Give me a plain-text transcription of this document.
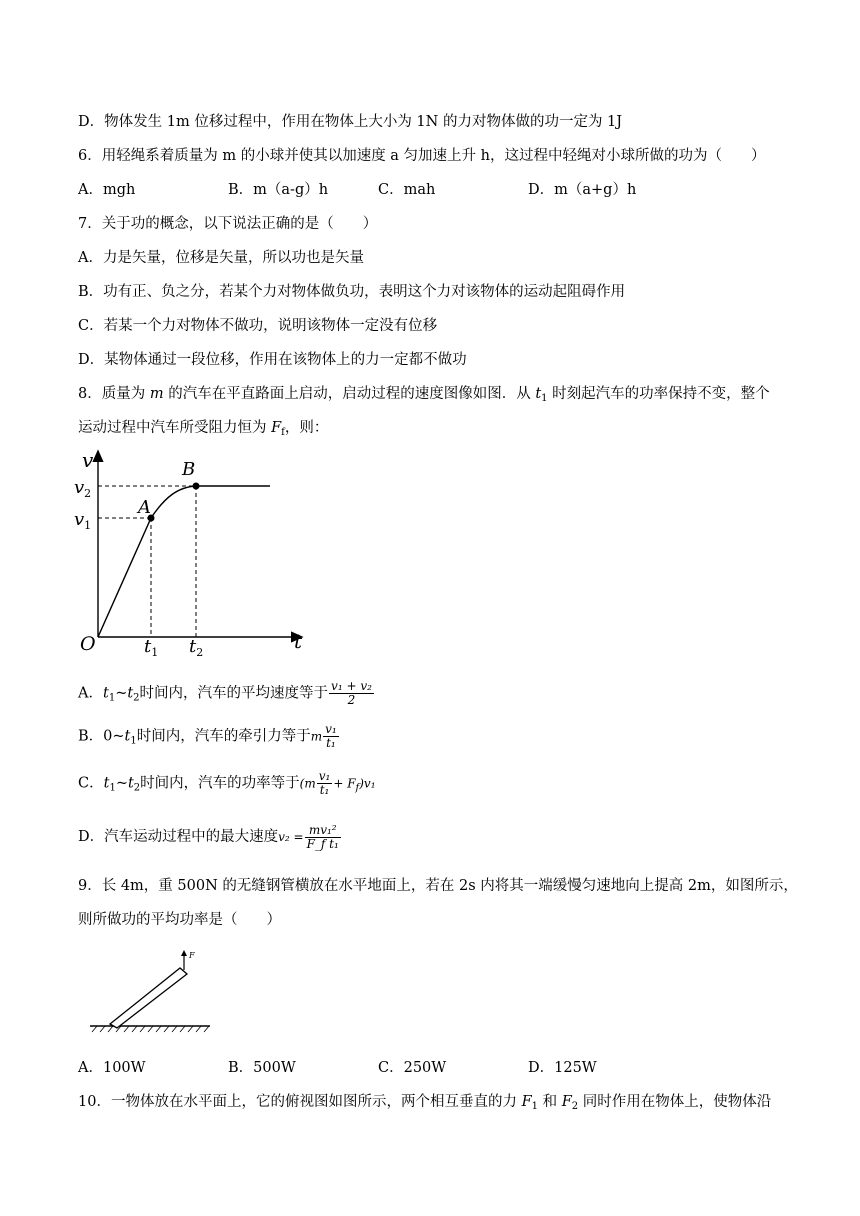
D．物体发生 1m 位移过程中，作用在物体上大小为 1N 的力对物体做的功一定为 1J
6．用轻绳系着质量为 m 的小球并使其以加速度 a 匀加速上升 h，这过程中轻绳对小球所做的功为（　　）
A．mgh	B．m（a-g）h	C．mah	D．m（a+g）h
7．关于功的概念，以下说法正确的是（　　）
A．力是矢量，位移是矢量，所以功也是矢量
B．功有正、负之分，若某个力对物体做负功，表明这个力对该物体的运动起阻碍作用
C．若某一个力对物体不做功，说明该物体一定没有位移
D．某物体通过一段位移，作用在该物体上的力一定都不做功
8．质量为 m 的汽车在平直路面上启动，启动过程的速度图像如图．从 $t_1$ 时刻起汽车的功率保持不变，整个
运动过程中汽车所受阻力恒为 $F_f$，则：
v
$v_2$
$v_1$
A
B
O	t
$t_1$ $t_2$
A．$t_1\sim t_2$时间内，汽车的平均速度等于 $\frac{\text{v₁ + v₂}}{2}$
B．$0\sim t_1$时间内，汽车的牵引力等于m $\frac{\text{v₁}}{\text{t₁}}$
C．$t_1\sim t_2$时间内，汽车的功率等于$(m \frac{\text{v₁}}{\text{t₁}} + F_f)v_1$
D．汽车运动过程中的最大速度$v_2 = \frac{\text{mv₁²}}{\text{F\_f t₁}}$
9．长 4m，重 500N 的无缝钢管横放在水平地面上，若在 2s 内将其一端缓慢匀速地向上提高 2m，如图所示，
则所做功的平均功率是（　　）
F
A．100W	B．500W	C．250W	D．125W
10．一物体放在水平面上，它的俯视图如图所示，两个相互垂直的力 $F_1$ 和 $F_2$ 同时作用在物体上，使物体沿
